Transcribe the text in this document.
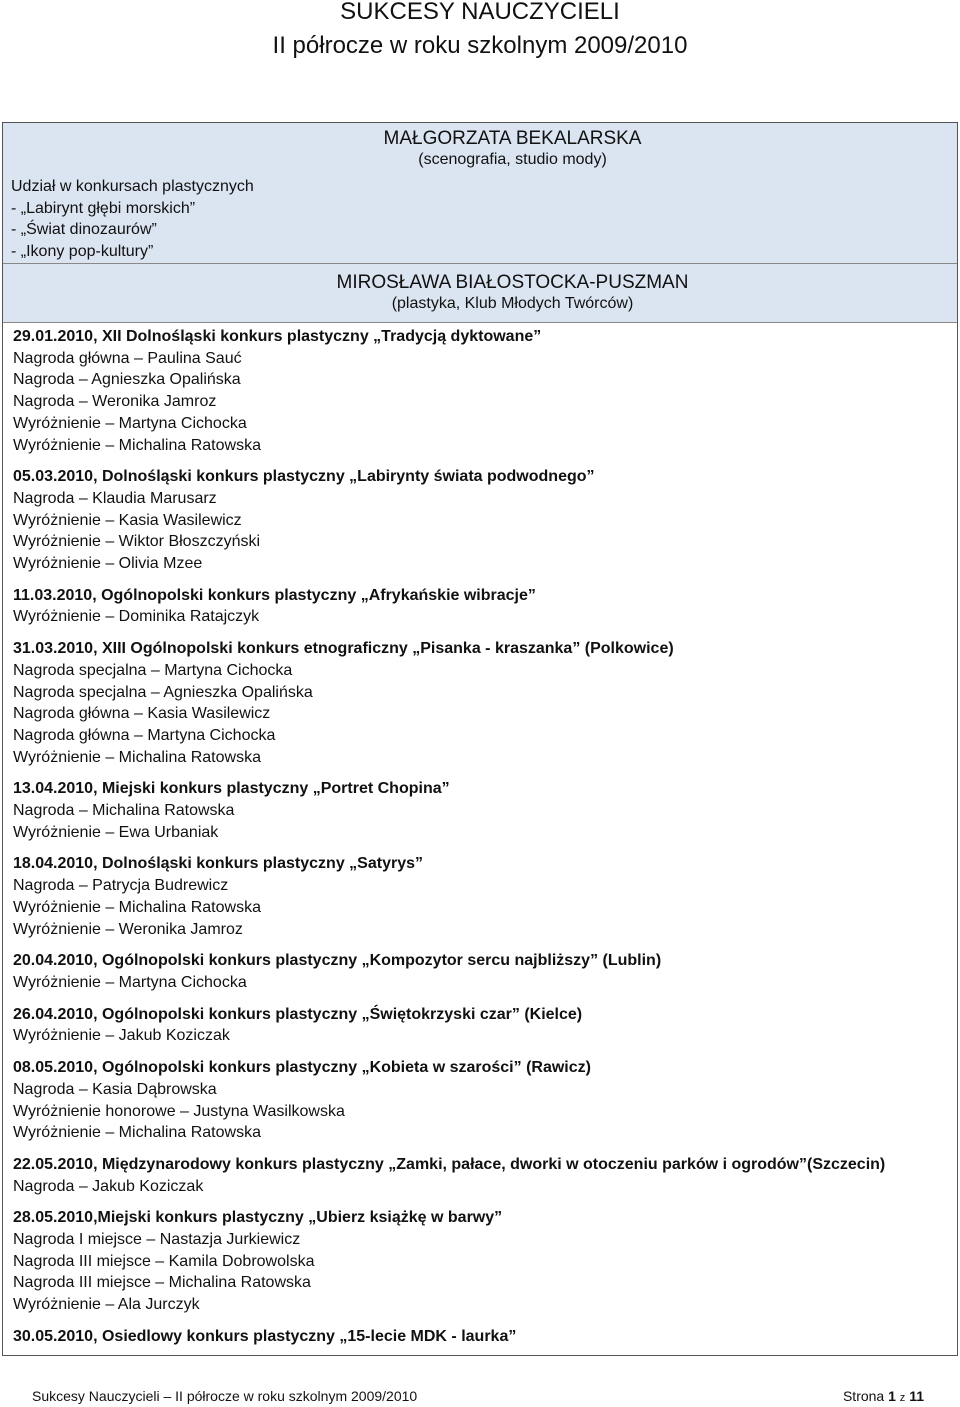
SUKCESY NAUCZYCIELI
II półrocze w roku szkolnym 2009/2010
MAŁGORZATA BEKALARSKA
(scenografia, studio mody)
Udział w konkursach plastycznych
- „Labirynt głębi morskich”
- „Świat dinozaurów”
- „Ikony pop-kultury”
MIROSŁAWA BIAŁOSTOCKA-PUSZMAN
(plastyka, Klub Młodych Twórców)
29.01.2010, XII Dolnośląski konkurs plastyczny „Tradycją dyktowane”
Nagroda główna – Paulina Sauć
Nagroda – Agnieszka Opalińska
Nagroda – Weronika Jamroz
Wyróżnienie – Martyna Cichocka
Wyróżnienie – Michalina Ratowska
05.03.2010, Dolnośląski konkurs plastyczny „Labirynty świata podwodnego”
Nagroda – Klaudia Marusarz
Wyróżnienie – Kasia Wasilewicz
Wyróżnienie – Wiktor Błoszczyński
Wyróżnienie – Olivia Mzee
11.03.2010, Ogólnopolski konkurs plastyczny „Afrykańskie wibracje”
Wyróżnienie – Dominika Ratajczyk
31.03.2010, XIII Ogólnopolski konkurs etnograficzny „Pisanka - kraszanka” (Polkowice)
Nagroda specjalna – Martyna Cichocka
Nagroda specjalna – Agnieszka Opalińska
Nagroda główna – Kasia Wasilewicz
Nagroda główna – Martyna Cichocka
Wyróżnienie – Michalina Ratowska
13.04.2010, Miejski konkurs plastyczny „Portret Chopina”
Nagroda – Michalina Ratowska
Wyróżnienie – Ewa Urbaniak
18.04.2010, Dolnośląski konkurs plastyczny „Satyrys”
Nagroda – Patrycja Budrewicz
Wyróżnienie – Michalina Ratowska
Wyróżnienie – Weronika Jamroz
20.04.2010, Ogólnopolski konkurs plastyczny „Kompozytor sercu najbliższy” (Lublin)
Wyróżnienie – Martyna Cichocka
26.04.2010, Ogólnopolski konkurs plastyczny „Świętokrzyski czar” (Kielce)
Wyróżnienie – Jakub Koziczak
08.05.2010, Ogólnopolski konkurs plastyczny „Kobieta w szarości” (Rawicz)
Nagroda – Kasia Dąbrowska
Wyróżnienie honorowe – Justyna Wasilkowska
Wyróżnienie – Michalina Ratowska
22.05.2010, Międzynarodowy konkurs plastyczny „Zamki, pałace, dworki w otoczeniu parków i ogrodów”(Szczecin)
Nagroda – Jakub Koziczak
28.05.2010,Miejski konkurs plastyczny „Ubierz książkę w barwy”
Nagroda I miejsce – Nastazja Jurkiewicz
Nagroda III miejsce – Kamila Dobrowolska
Nagroda III miejsce – Michalina Ratowska
Wyróżnienie – Ala Jurczyk
30.05.2010, Osiedlowy konkurs plastyczny „15-lecie MDK - laurka”
Sukcesy Nauczycieli – II półrocze w roku szkolnym 2009/2010	Strona 1 z 11
